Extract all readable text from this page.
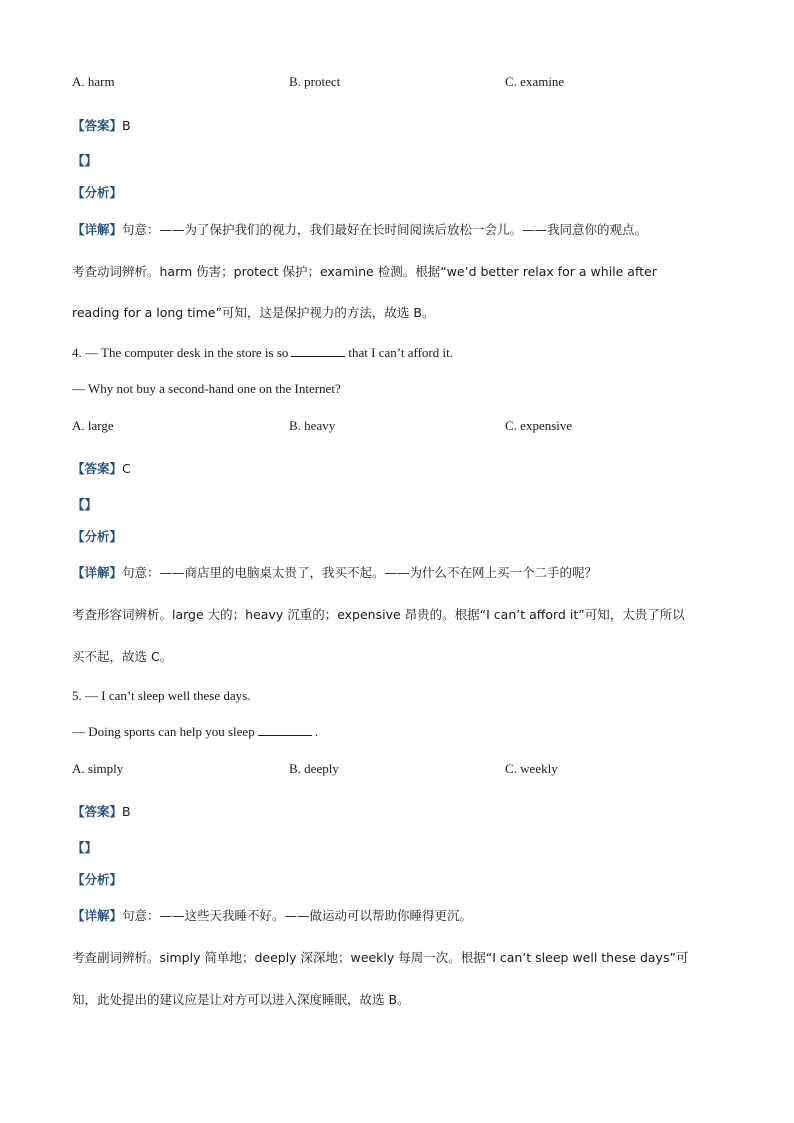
A. harm	B. protect	C. examine
【答案】B
【】
【分析】
【详解】句意：——为了保护我们的视力，我们最好在长时间阅读后放松一会儿。——我同意你的观点。
考查动词辨析。harm 伤害；protect 保护；examine 检测。根据“we’d better relax for a while after
reading for a long time”可知，这是保护视力的方法，故选 B。
4. — The computer desk in the store is so	that I can’t afford it.
— Why not buy a second-hand one on the Internet?
A. large	B. heavy	C. expensive
【答案】C
【】
【分析】
【详解】句意：——商店里的电脑桌太贵了，我买不起。——为什么不在网上买一个二手的呢？
考查形容词辨析。large 大的；heavy 沉重的；expensive 昂贵的。根据“I can’t afford it”可知，太贵了所以
买不起，故选 C。
5. — I can’t sleep well these days.
— Doing sports can help you sleep	.
A. simply	B. deeply	C. weekly
【答案】B
【】
【分析】
【详解】句意：——这些天我睡不好。——做运动可以帮助你睡得更沉。
考查副词辨析。simply 简单地；deeply 深深地；weekly 每周一次。根据“I can’t sleep well these days”可
知，此处提出的建议应是让对方可以进入深度睡眠，故选 B。
